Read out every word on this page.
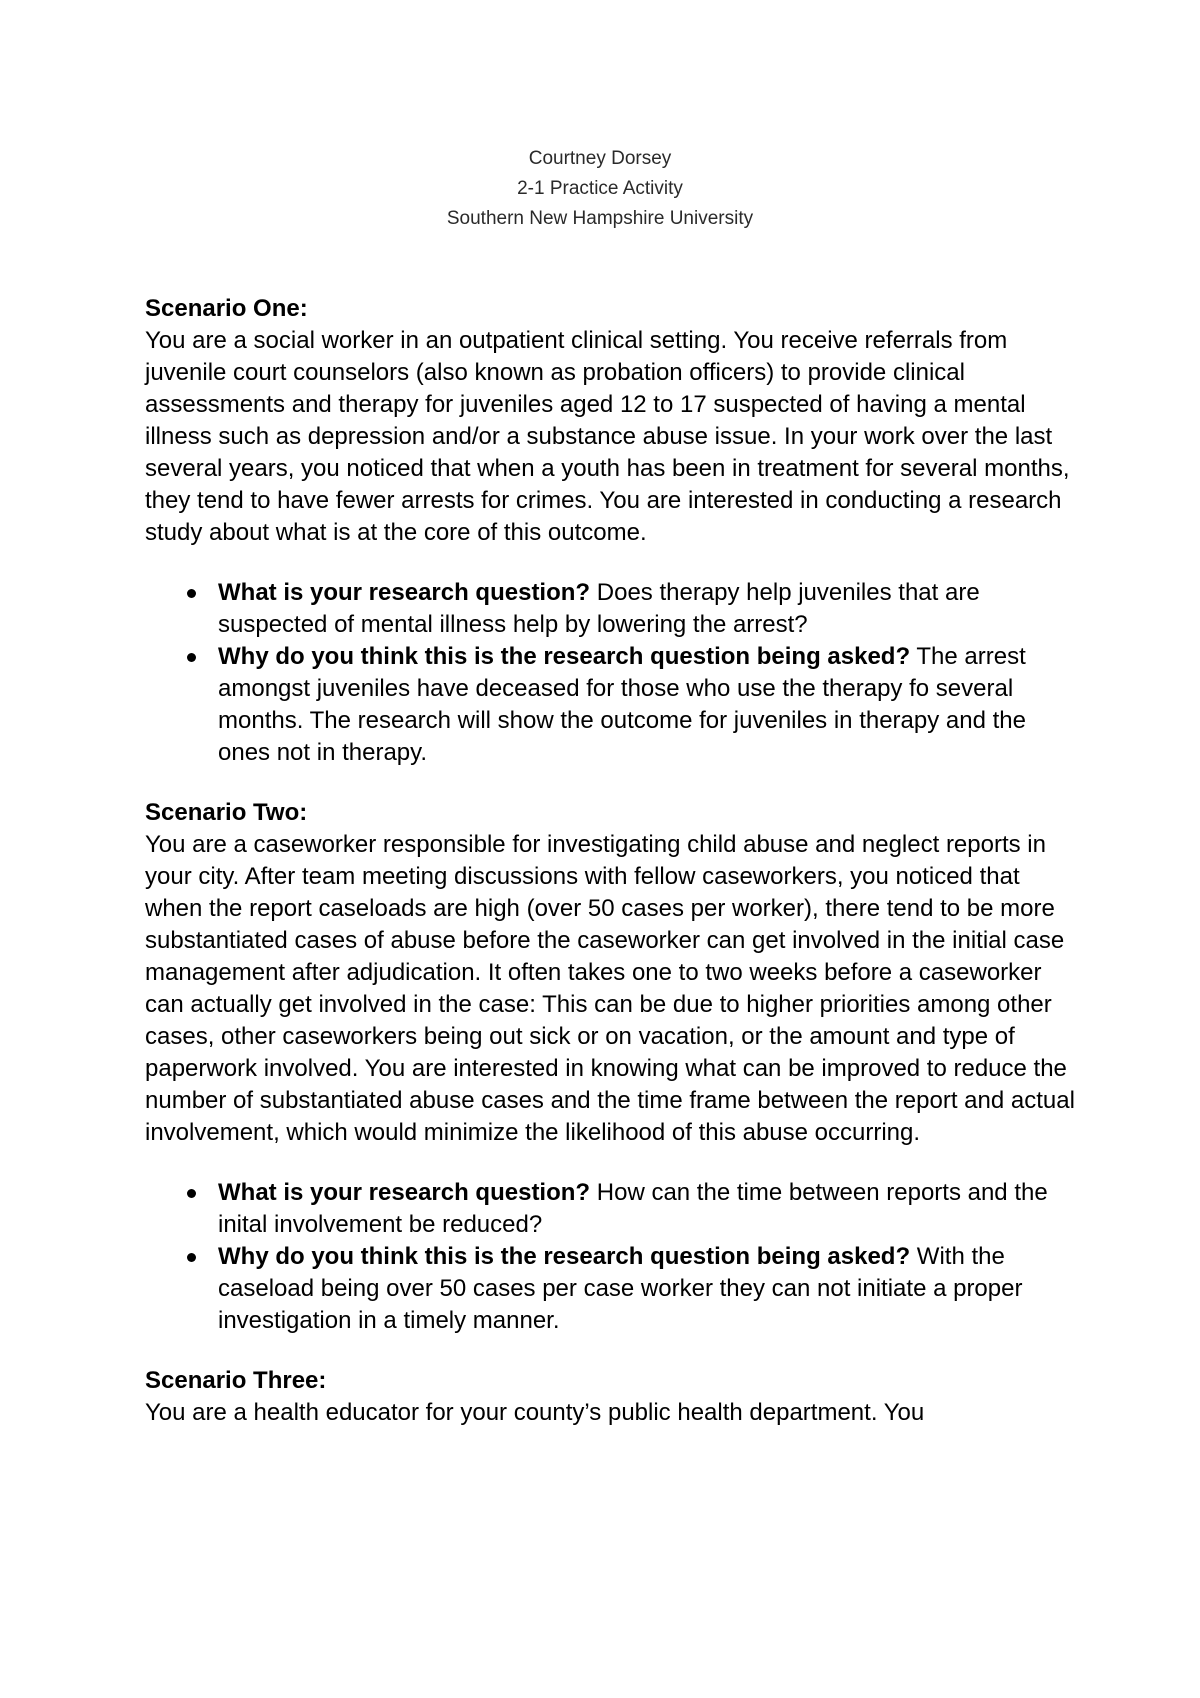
Courtney Dorsey
2-1 Practice Activity
Southern New Hampshire University

Scenario One:

You are a social worker in an outpatient clinical setting. You receive referrals from juvenile court counselors (also known as probation officers) to provide clinical assessments and therapy for juveniles aged 12 to 17 suspected of having a mental illness such as depression and/or a substance abuse issue. In your work over the last several years, you noticed that when a youth has been in treatment for several months, they tend to have fewer arrests for crimes. You are interested in conducting a research study about what is at the core of this outcome.

What is your research question? Does therapy help juveniles that are suspected of mental illness help by lowering the arrest?
Why do you think this is the research question being asked? The arrest amongst juveniles have deceased for those who use the therapy fo several months. The research will show the outcome for juveniles in therapy and the ones not in therapy.

Scenario Two:

You are a caseworker responsible for investigating child abuse and neglect reports in your city. After team meeting discussions with fellow caseworkers, you noticed that when the report caseloads are high (over 50 cases per worker), there tend to be more substantiated cases of abuse before the caseworker can get involved in the initial case management after adjudication. It often takes one to two weeks before a caseworker can actually get involved in the case: This can be due to higher priorities among other cases, other caseworkers being out sick or on vacation, or the amount and type of paperwork involved. You are interested in knowing what can be improved to reduce the number of substantiated abuse cases and the time frame between the report and actual involvement, which would minimize the likelihood of this abuse occurring.

What is your research question? How can the time between reports and the inital involvement be reduced?
Why do you think this is the research question being asked? With the caseload being over 50 cases per case worker they can not initiate a proper investigation in a timely manner.

Scenario Three:

You are a health educator for your county’s public health department. You
